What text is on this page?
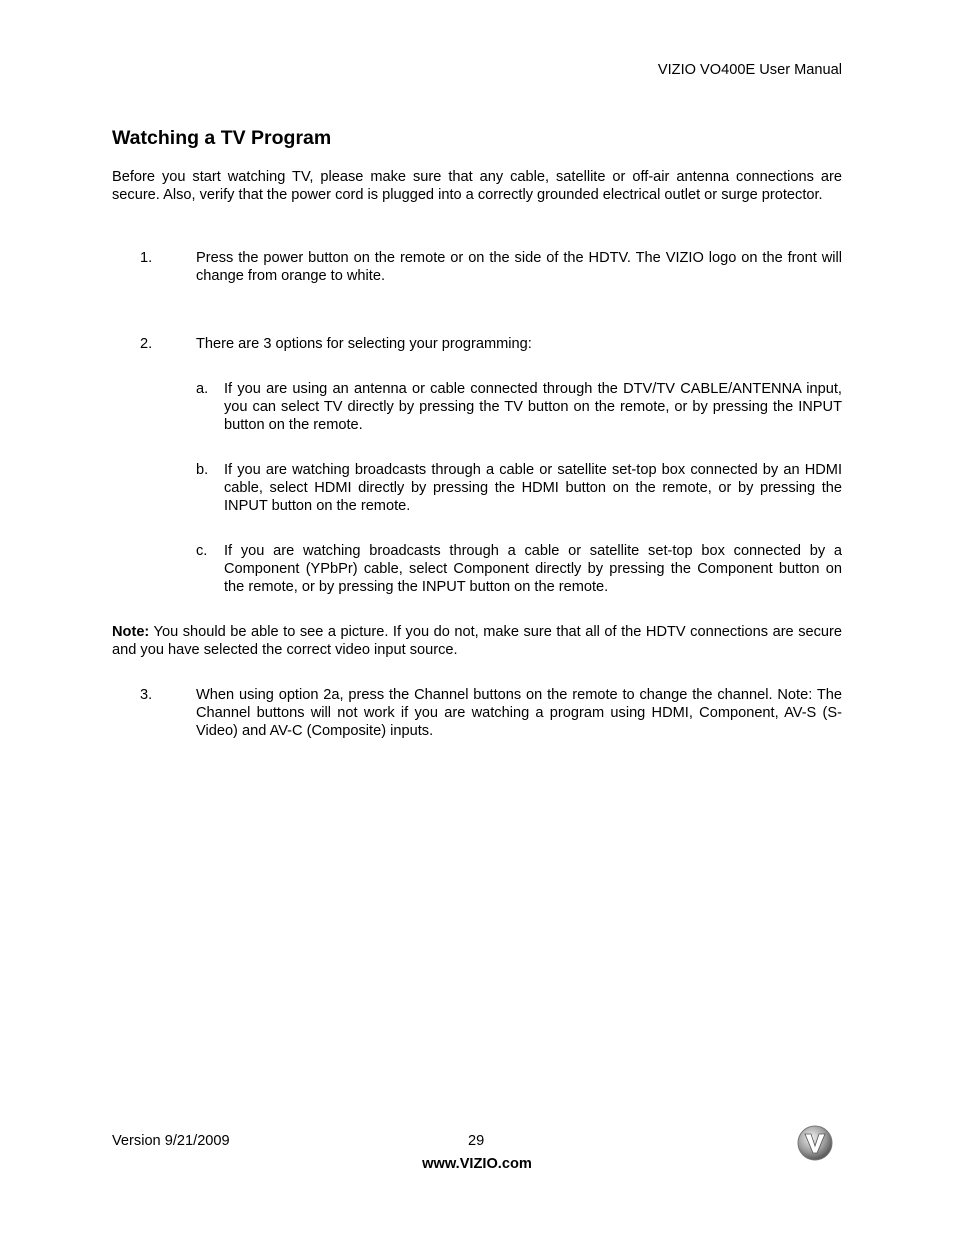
VIZIO VO400E User Manual
Watching a TV Program

Before you start watching TV, please make sure that any cable, satellite or off-air antenna connections are secure. Also, verify that the power cord is plugged into a correctly grounded electrical outlet or surge protector.

1.	Press the power button on the remote or on the side of the HDTV. The VIZIO logo on the front will change from orange to white.
2.	There are 3 options for selecting your programming:
a. If you are using an antenna or cable connected through the DTV/TV CABLE/ANTENNA input, you can select TV directly by pressing the TV button on the remote, or by pressing the INPUT button on the remote.
b. If you are watching broadcasts through a cable or satellite set-top box connected by an HDMI cable, select HDMI directly by pressing the HDMI button on the remote, or by pressing the INPUT button on the remote.
c. If you are watching broadcasts through a cable or satellite set-top box connected by a Component (YPbPr) cable, select Component directly by pressing the Component button on the remote, or by pressing the INPUT button on the remote.

Note: You should be able to see a picture. If you do not, make sure that all of the HDTV connections are secure and you have selected the correct video input source.

3.	When using option 2a, press the Channel buttons on the remote to change the channel. Note: The Channel buttons will not work if you are watching a program using HDMI, Component, AV-S (S-Video) and AV-C (Composite) inputs.
Version 9/21/2009	29
www.VIZIO.com
